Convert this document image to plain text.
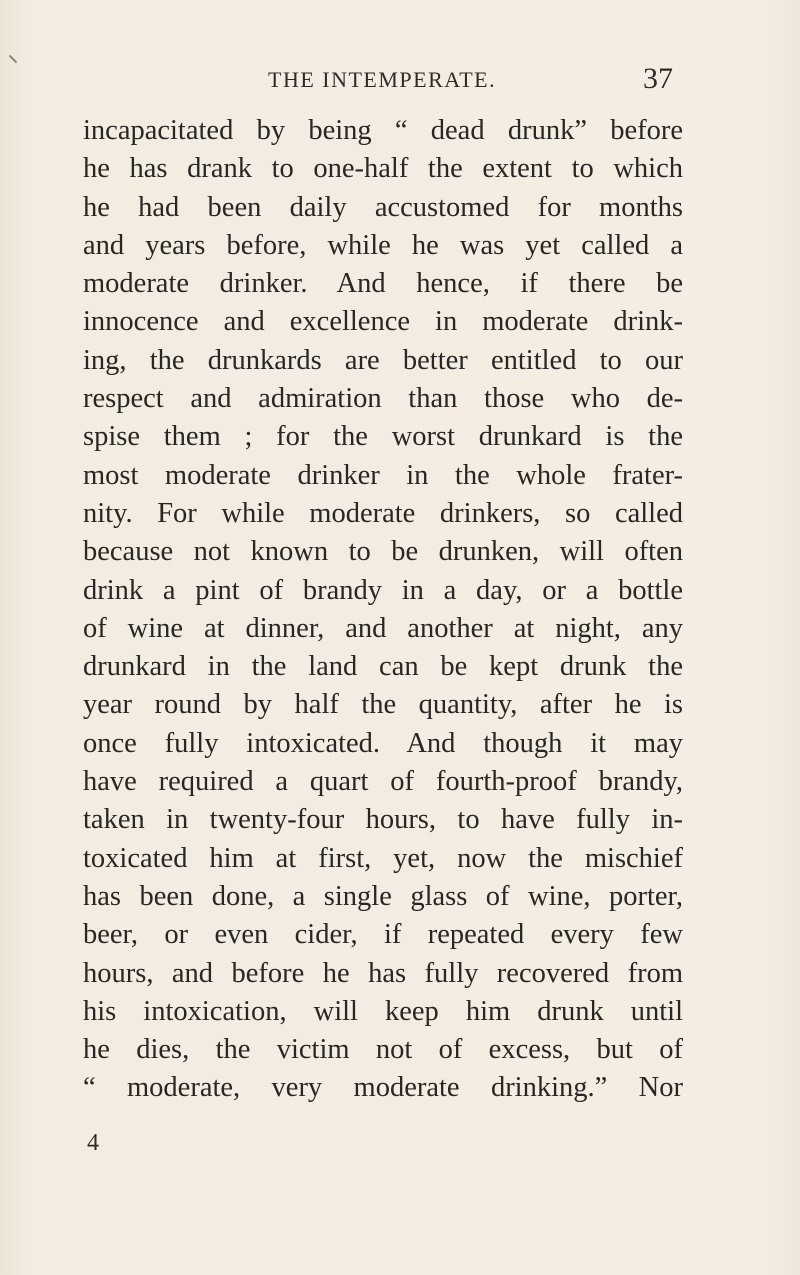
THE INTEMPERATE.	37
incapacitated by being “ dead drunk” before
he has drank to one-half the extent to which
he had been daily accustomed for months
and years before, while he was yet called a
moderate drinker. And hence, if there be
innocence and excellence in moderate drink-
ing, the drunkards are better entitled to our
respect and admiration than those who de-
spise them ; for the worst drunkard is the
most moderate drinker in the whole frater-
nity. For while moderate drinkers, so called
because not known to be drunken, will often
drink a pint of brandy in a day, or a bottle
of wine at dinner, and another at night, any
drunkard in the land can be kept drunk the
year round by half the quantity, after he is
once fully intoxicated. And though it may
have required a quart of fourth-proof brandy,
taken in twenty-four hours, to have fully in-
toxicated him at first, yet, now the mischief
has been done, a single glass of wine, porter,
beer, or even cider, if repeated every few
hours, and before he has fully recovered from
his intoxication, will keep him drunk until
he dies, the victim not of excess, but of
“ moderate, very moderate drinking.” Nor
4
